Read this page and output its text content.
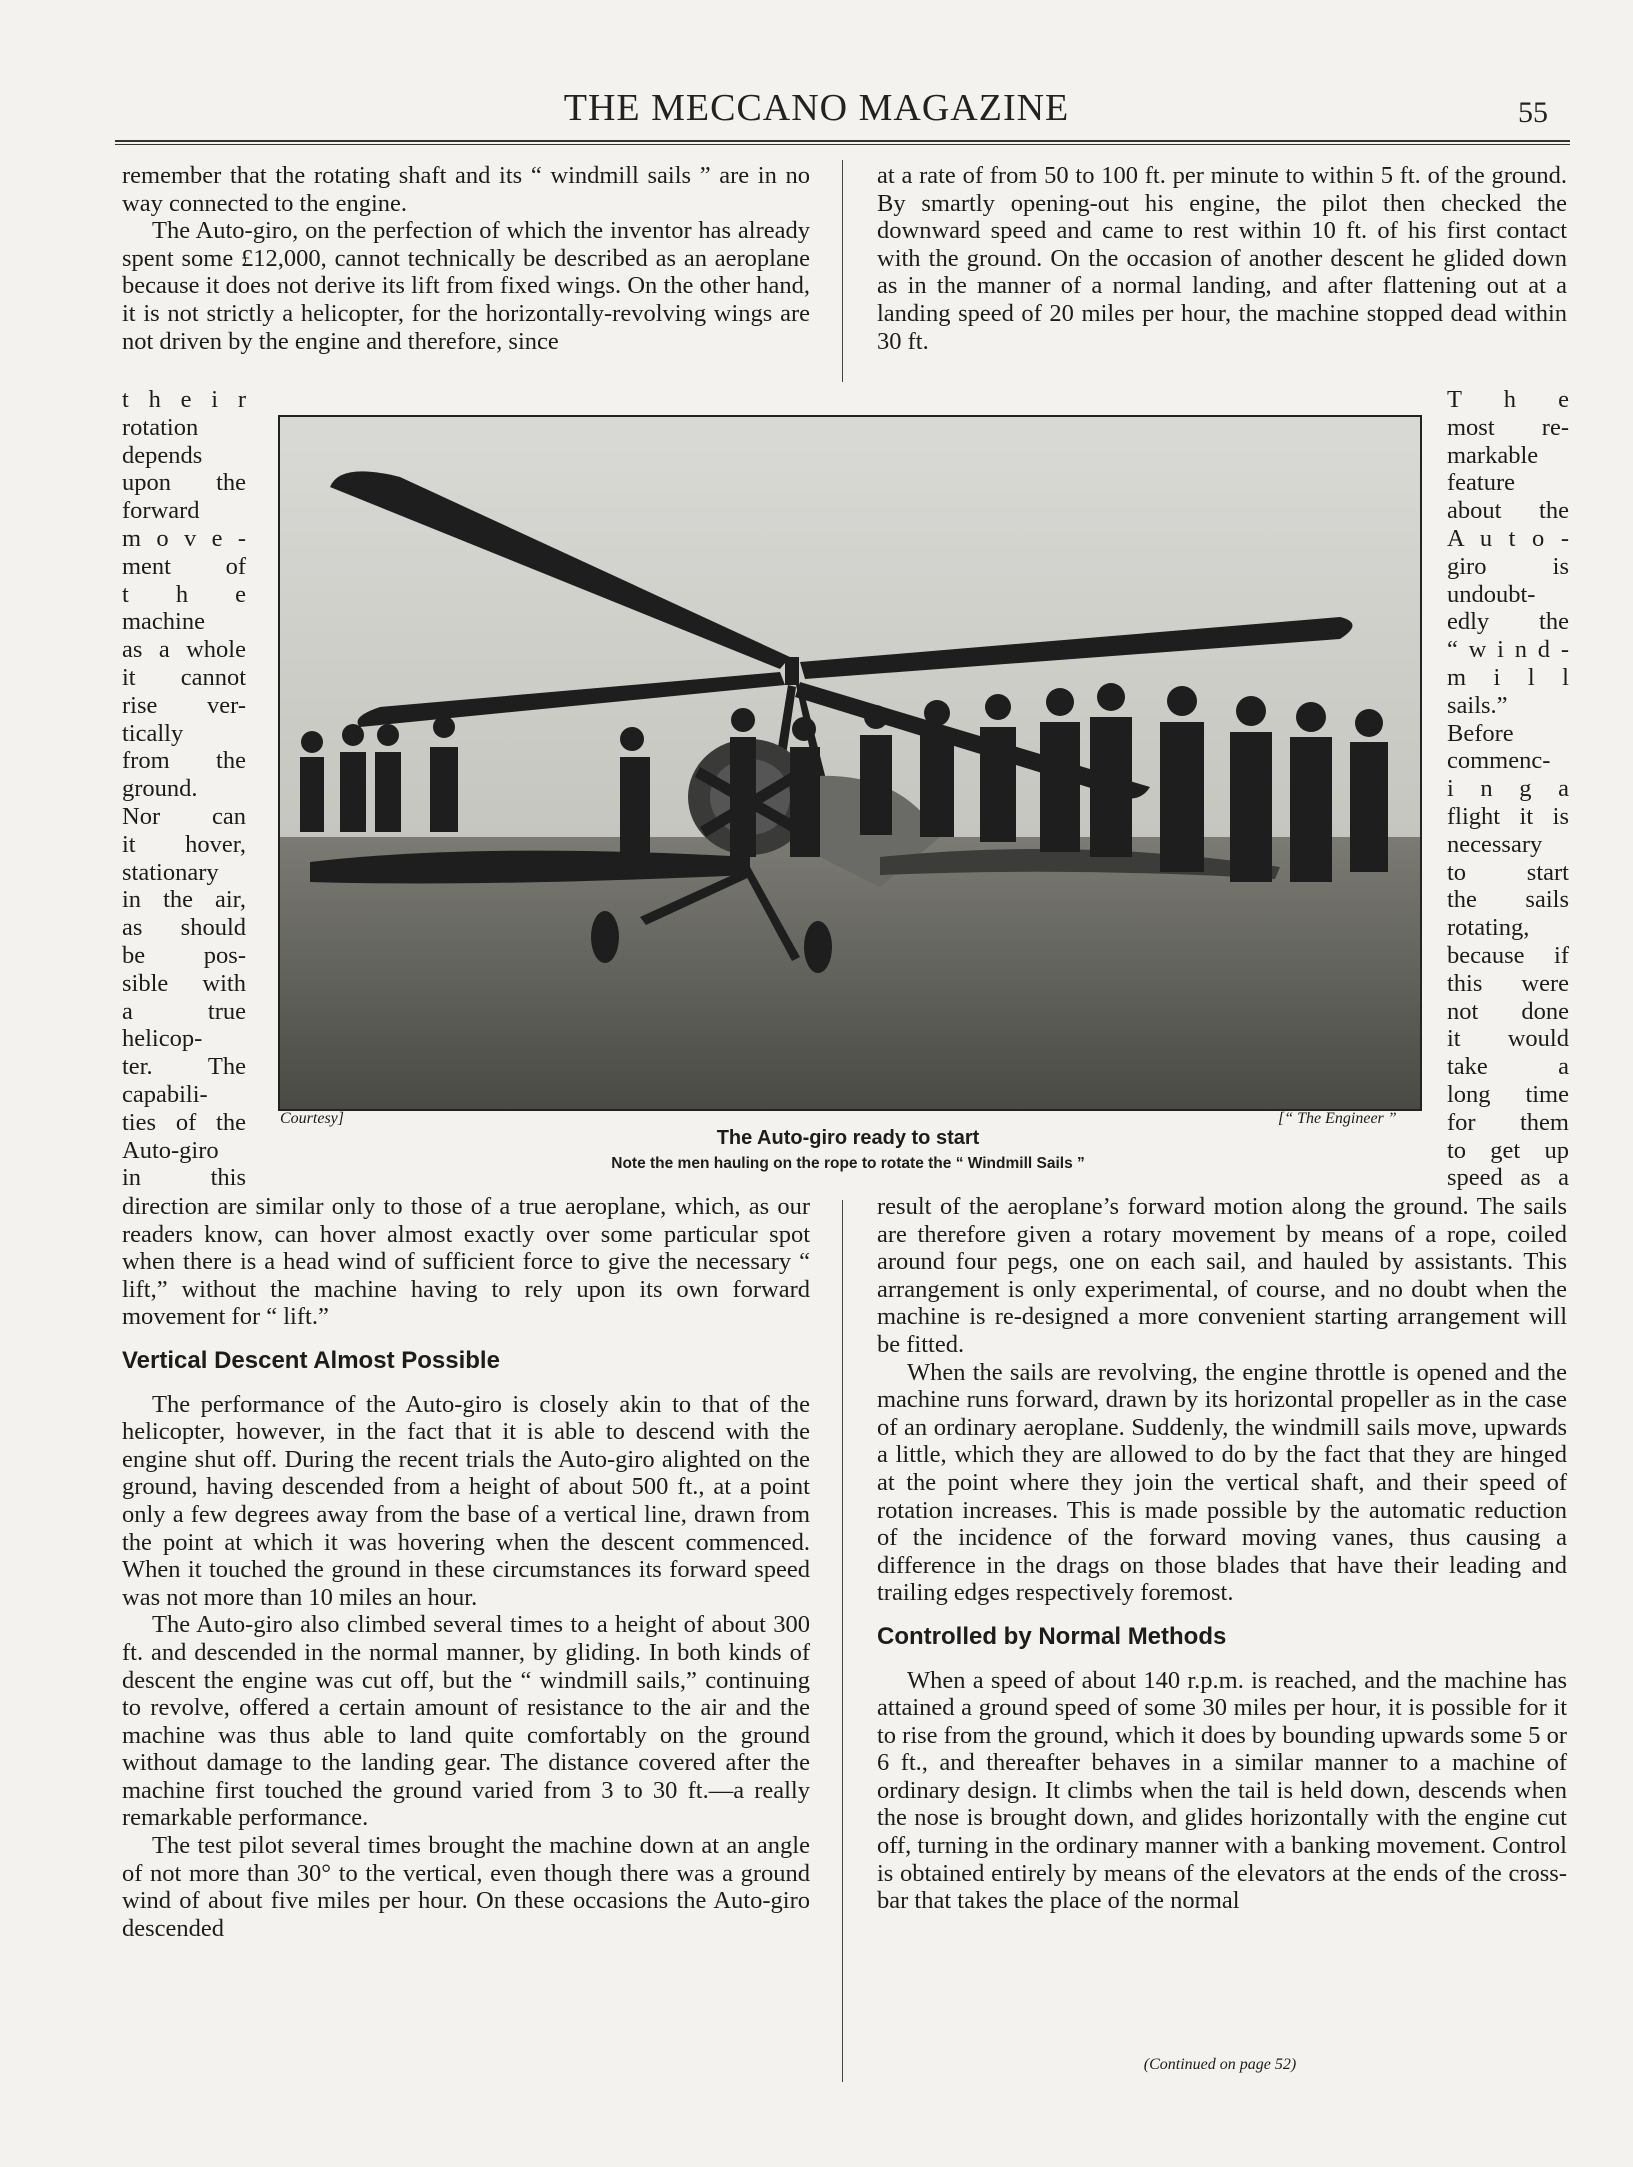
THE MECCANO MAGAZINE	55

remember that the rotating shaft and its “ windmill sails ” are in no way connected to the engine.

The Auto-giro, on the perfection of which the inventor has already spent some £12,000, cannot technically be described as an aeroplane because it does not derive its lift from fixed wings. On the other hand, it is not strictly a helicopter, for the horizontally-revolving wings are not driven by the engine and therefore, since

t h e i r
rotation
depends
upon the
forward
m o v e -
ment of
t h e
machine
as a whole
it cannot
rise ver-
tically
from the
ground.
Nor can
it hover,
stationary
in the air,
as should
be pos-
sible with
a true
helicop-
ter. The
capabili-
ties of the
Auto-giro
in this

at a rate of from 50 to 100 ft. per minute to within 5 ft. of the ground. By smartly opening-out his engine, the pilot then checked the downward speed and came to rest within 10 ft. of his first contact with the ground. On the occasion of another descent he glided down as in the manner of a normal landing, and after flattening out at a landing speed of 20 miles per hour, the machine stopped dead within 30 ft.

T h e
most re-
markable
feature
about the
A u t o -
giro is
undoubt-
edly the
“ w i n d -
m i l l
sails.”
Before
commenc-
i n g a
flight it is
necessary
to start
the sails
rotating,
because if
this were
not done
it would
take a
long time
for them
to get up
speed as a
Courtesy]	[“ The Engineer ”
The Auto-giro ready to start
Note the men hauling on the rope to rotate the “ Windmill Sails ”

direction are similar only to those of a true aeroplane, which, as our readers know, can hover almost exactly over some particular spot when there is a head wind of sufficient force to give the necessary “ lift,” without the machine having to rely upon its own forward movement for “ lift.”

Vertical Descent Almost Possible

The performance of the Auto-giro is closely akin to that of the helicopter, however, in the fact that it is able to descend with the engine shut off. During the recent trials the Auto-giro alighted on the ground, having descended from a height of about 500 ft., at a point only a few degrees away from the base of a vertical line, drawn from the point at which it was hovering when the descent commenced. When it touched the ground in these circumstances its forward speed was not more than 10 miles an hour.

The Auto-giro also climbed several times to a height of about 300 ft. and descended in the normal manner, by gliding. In both kinds of descent the engine was cut off, but the “ windmill sails,” continuing to revolve, offered a certain amount of resistance to the air and the machine was thus able to land quite comfortably on the ground without damage to the landing gear. The distance covered after the machine first touched the ground varied from 3 to 30 ft.—a really remarkable performance.

The test pilot several times brought the machine down at an angle of not more than 30° to the vertical, even though there was a ground wind of about five miles per hour. On these occasions the Auto-giro descended

result of the aeroplane’s forward motion along the ground. The sails are therefore given a rotary movement by means of a rope, coiled around four pegs, one on each sail, and hauled by assistants. This arrangement is only experimental, of course, and no doubt when the machine is re-designed a more convenient starting arrangement will be fitted.

When the sails are revolving, the engine throttle is opened and the machine runs forward, drawn by its horizontal propeller as in the case of an ordinary aeroplane. Suddenly, the windmill sails move, upwards a little, which they are allowed to do by the fact that they are hinged at the point where they join the vertical shaft, and their speed of rotation increases. This is made possible by the automatic reduction of the incidence of the forward moving vanes, thus causing a difference in the drags on those blades that have their leading and trailing edges respectively foremost.

Controlled by Normal Methods

When a speed of about 140 r.p.m. is reached, and the machine has attained a ground speed of some 30 miles per hour, it is possible for it to rise from the ground, which it does by bounding upwards some 5 or 6 ft., and thereafter behaves in a similar manner to a machine of ordinary design. It climbs when the tail is held down, descends when the nose is brought down, and glides horizontally with the engine cut off, turning in the ordinary manner with a banking movement. Control is obtained entirely by means of the elevators at the ends of the cross-bar that takes the place of the normal

(Continued on page 52)
